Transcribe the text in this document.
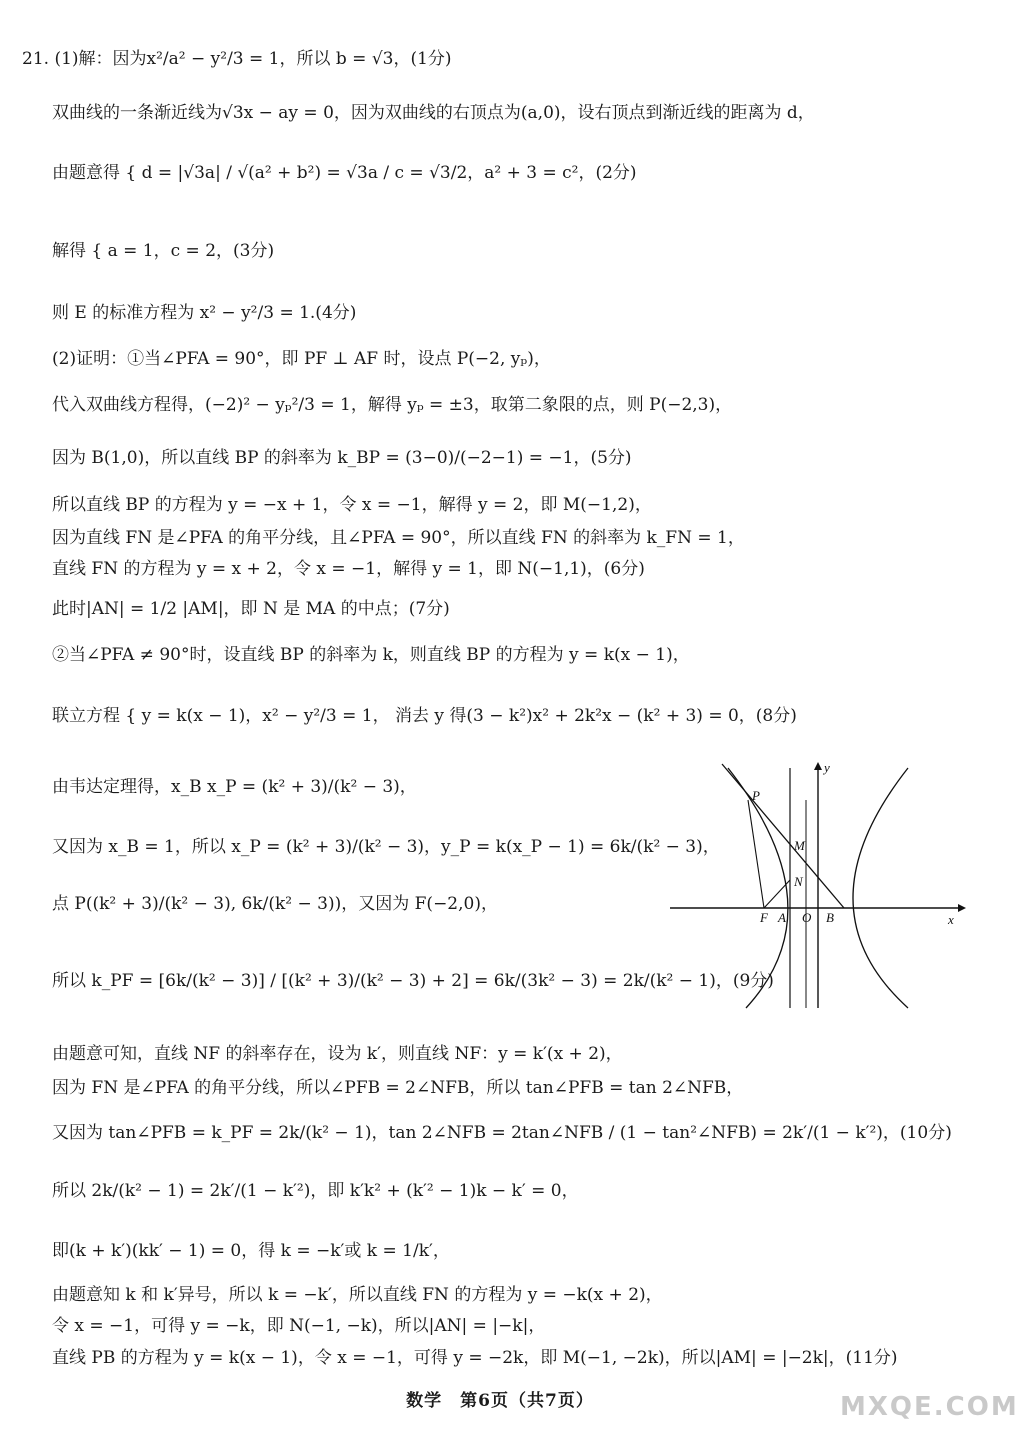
21. (1)解：因为x²/a² − y²/3 = 1，所以 b = √3，(1分)
双曲线的一条渐近线为√3x − ay = 0，因为双曲线的右顶点为(a,0)，设右顶点到渐近线的距离为 d，
由题意得 { d = |√3a| / √(a² + b²) = √3a / c = √3/2，a² + 3 = c²，(2分)
解得 { a = 1，c = 2，(3分)
则 E 的标准方程为 x² − y²/3 = 1.(4分)
(2)证明：①当∠PFA = 90°，即 PF ⊥ AF 时，设点 P(−2, yₚ)，
代入双曲线方程得，(−2)² − yₚ²/3 = 1，解得 yₚ = ±3，取第二象限的点，则 P(−2,3)，
因为 B(1,0)，所以直线 BP 的斜率为 k_BP = (3−0)/(−2−1) = −1，(5分)
所以直线 BP 的方程为 y = −x + 1，令 x = −1，解得 y = 2，即 M(−1,2)，
因为直线 FN 是∠PFA 的角平分线，且∠PFA = 90°，所以直线 FN 的斜率为 k_FN = 1，
直线 FN 的方程为 y = x + 2，令 x = −1，解得 y = 1，即 N(−1,1)，(6分)
此时|AN| = 1/2 |AM|，即 N 是 MA 的中点；(7分)
②当∠PFA ≠ 90°时，设直线 BP 的斜率为 k，则直线 BP 的方程为 y = k(x − 1)，
联立方程 { y = k(x − 1)，x² − y²/3 = 1， 消去 y 得(3 − k²)x² + 2k²x − (k² + 3) = 0，(8分)
由韦达定理得，x_B x_P = (k² + 3)/(k² − 3)，
又因为 x_B = 1，所以 x_P = (k² + 3)/(k² − 3)，y_P = k(x_P − 1) = 6k/(k² − 3)，
点 P((k² + 3)/(k² − 3), 6k/(k² − 3))，又因为 F(−2,0)，
所以 k_PF = [6k/(k² − 3)] / [(k² + 3)/(k² − 3) + 2] = 6k/(3k² − 3) = 2k/(k² − 1)，(9分)
由题意可知，直线 NF 的斜率存在，设为 k′，则直线 NF：y = k′(x + 2)，
因为 FN 是∠PFA 的角平分线，所以∠PFB = 2∠NFB，所以 tan∠PFB = tan 2∠NFB，
又因为 tan∠PFB = k_PF = 2k/(k² − 1)，tan 2∠NFB = 2tan∠NFB / (1 − tan²∠NFB) = 2k′/(1 − k′²)，(10分)
所以 2k/(k² − 1) = 2k′/(1 − k′²)，即 k′k² + (k′² − 1)k − k′ = 0，
即(k + k′)(kk′ − 1) = 0，得 k = −k′或 k = 1/k′，
由题意知 k 和 k′异号，所以 k = −k′，所以直线 FN 的方程为 y = −k(x + 2)，
令 x = −1，可得 y = −k，即 N(−1, −k)，所以|AN| = |−k|，
直线 PB 的方程为 y = k(x − 1)，令 x = −1，可得 y = −2k，即 M(−1, −2k)，所以|AM| = |−2k|，(11分)
P
M
N
F A O B	x
y
数学　第6页（共7页）	MXQE.COM
